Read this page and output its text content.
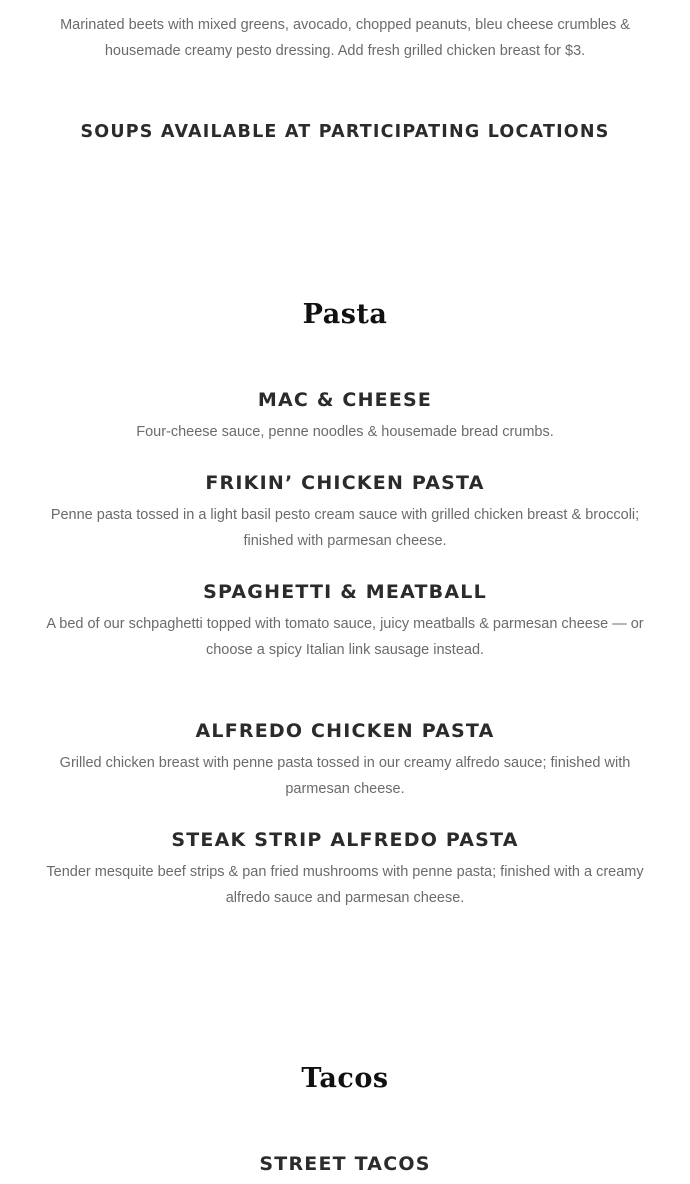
Marinated beets with mixed greens, avocado, chopped peanuts, bleu cheese crumbles & housemade creamy pesto dressing. Add fresh grilled chicken breast for $3.

SOUPS AVAILABLE AT PARTICIPATING LOCATIONS
Pasta
MAC & CHEESE

Four-cheese sauce, penne noodles & housemade bread crumbs.

FRIKIN’ CHICKEN PASTA

Penne pasta tossed in a light basil pesto cream sauce with grilled chicken breast & broccoli; finished with parmesan cheese.

SPAGHETTI & MEATBALL

A bed of our schpaghetti topped with tomato sauce, juicy meatballs & parmesan cheese — or choose a spicy Italian link sausage instead.

ALFREDO CHICKEN PASTA

Grilled chicken breast with penne pasta tossed in our creamy alfredo sauce; finished with parmesan cheese.

STEAK STRIP ALFREDO PASTA

Tender mesquite beef strips & pan fried mushrooms with penne pasta; finished with a creamy alfredo sauce and parmesan cheese.

Tacos
STREET TACOS
